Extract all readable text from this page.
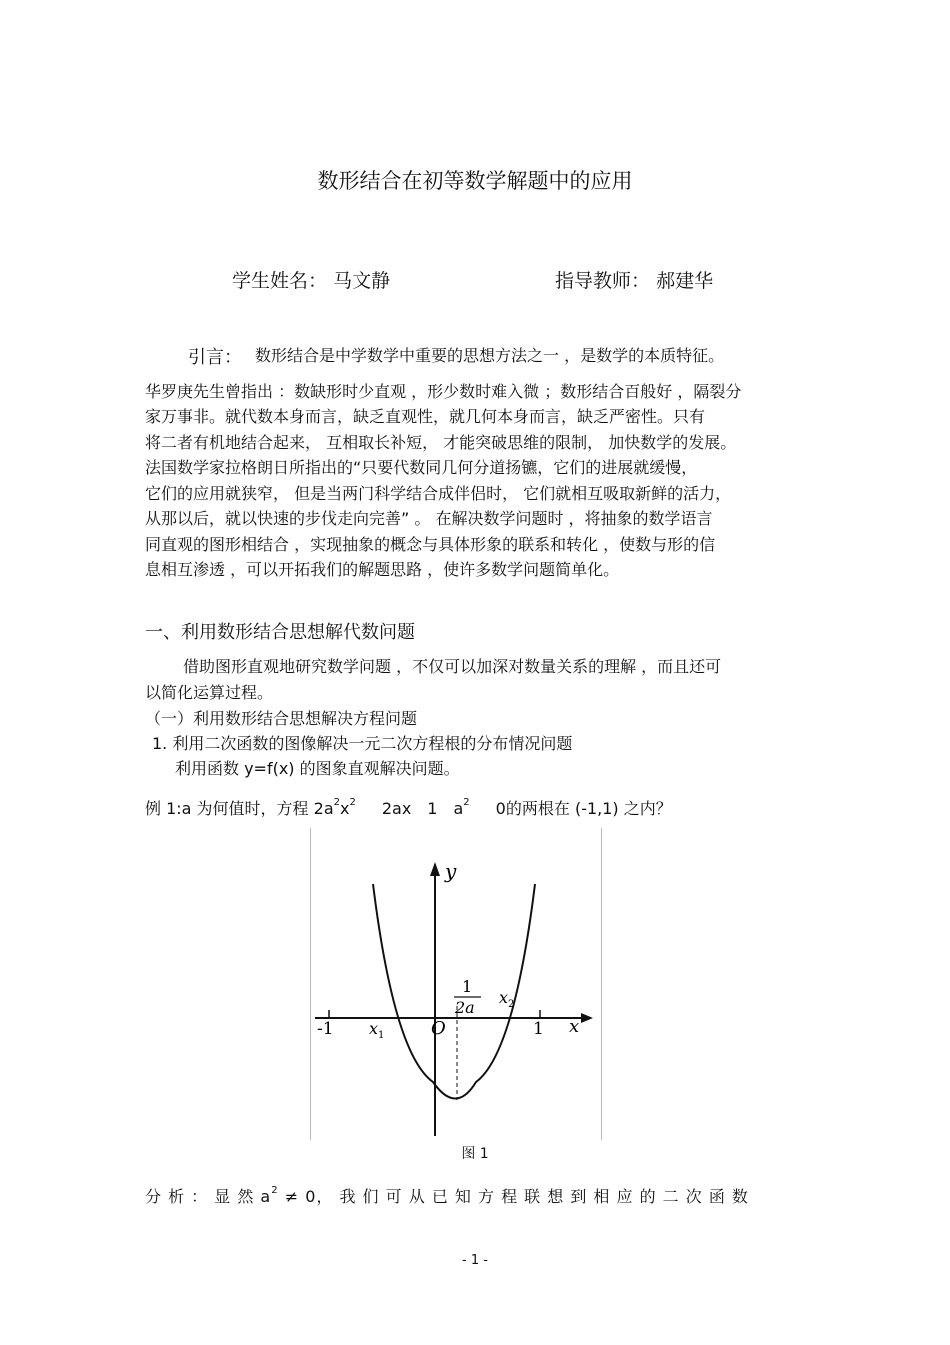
数形结合在初等数学解题中的应用
学生姓名： 马文静	指导教师： 郝建华
引言： 数形结合是中学数学中重要的思想方法之一 ，是数学的本质特征。
华罗庚先生曾指出 ：数缺形时少直观 ，形少数时难入微 ；数形结合百般好 ，隔裂分
家万事非。就代数本身而言，缺乏直观性，就几何本身而言，缺乏严密性。只有
将二者有机地结合起来， 互相取长补短， 才能突破思维的限制， 加快数学的发展。
法国数学家拉格朗日所指出的“只要代数同几何分道扬镳，它们的进展就缓慢，
它们的应用就狭窄， 但是当两门科学结合成伴侣时， 它们就相互吸取新鲜的活力，
从那以后，就以快速的步伐走向完善” 。 在解决数学问题时 ，将抽象的数学语言
同直观的图形相结合 ，实现抽象的概念与具体形象的联系和转化 ，使数与形的信
息相互渗透 ，可以开拓我们的解题思路 ，使许多数学问题简单化。
一、利用数形结合思想解代数问题
借助图形直观地研究数学问题 ，不仅可以加深对数量关系的理解 ，而且还可
以简化运算过程。
（一）利用数形结合思想解决方程问题
1. 利用二次函数的图像解决一元二次方程根的分布情况问题
利用函数 y=f(x) 的图象直观解决问题。
例 1:a 为何值时，方程 $2a^2x^2$ 2ax 1 $a^2$ 0的两根在 (-1,1) 之内？
y
x
O
-1	1
$x_1$
$x_2$
1
2a
图 1
分 析 ： 显 然 $a^2 \ne 0$， 我 们 可 从 已 知 方 程 联 想 到 相 应 的 二 次 函 数
- 1 -
